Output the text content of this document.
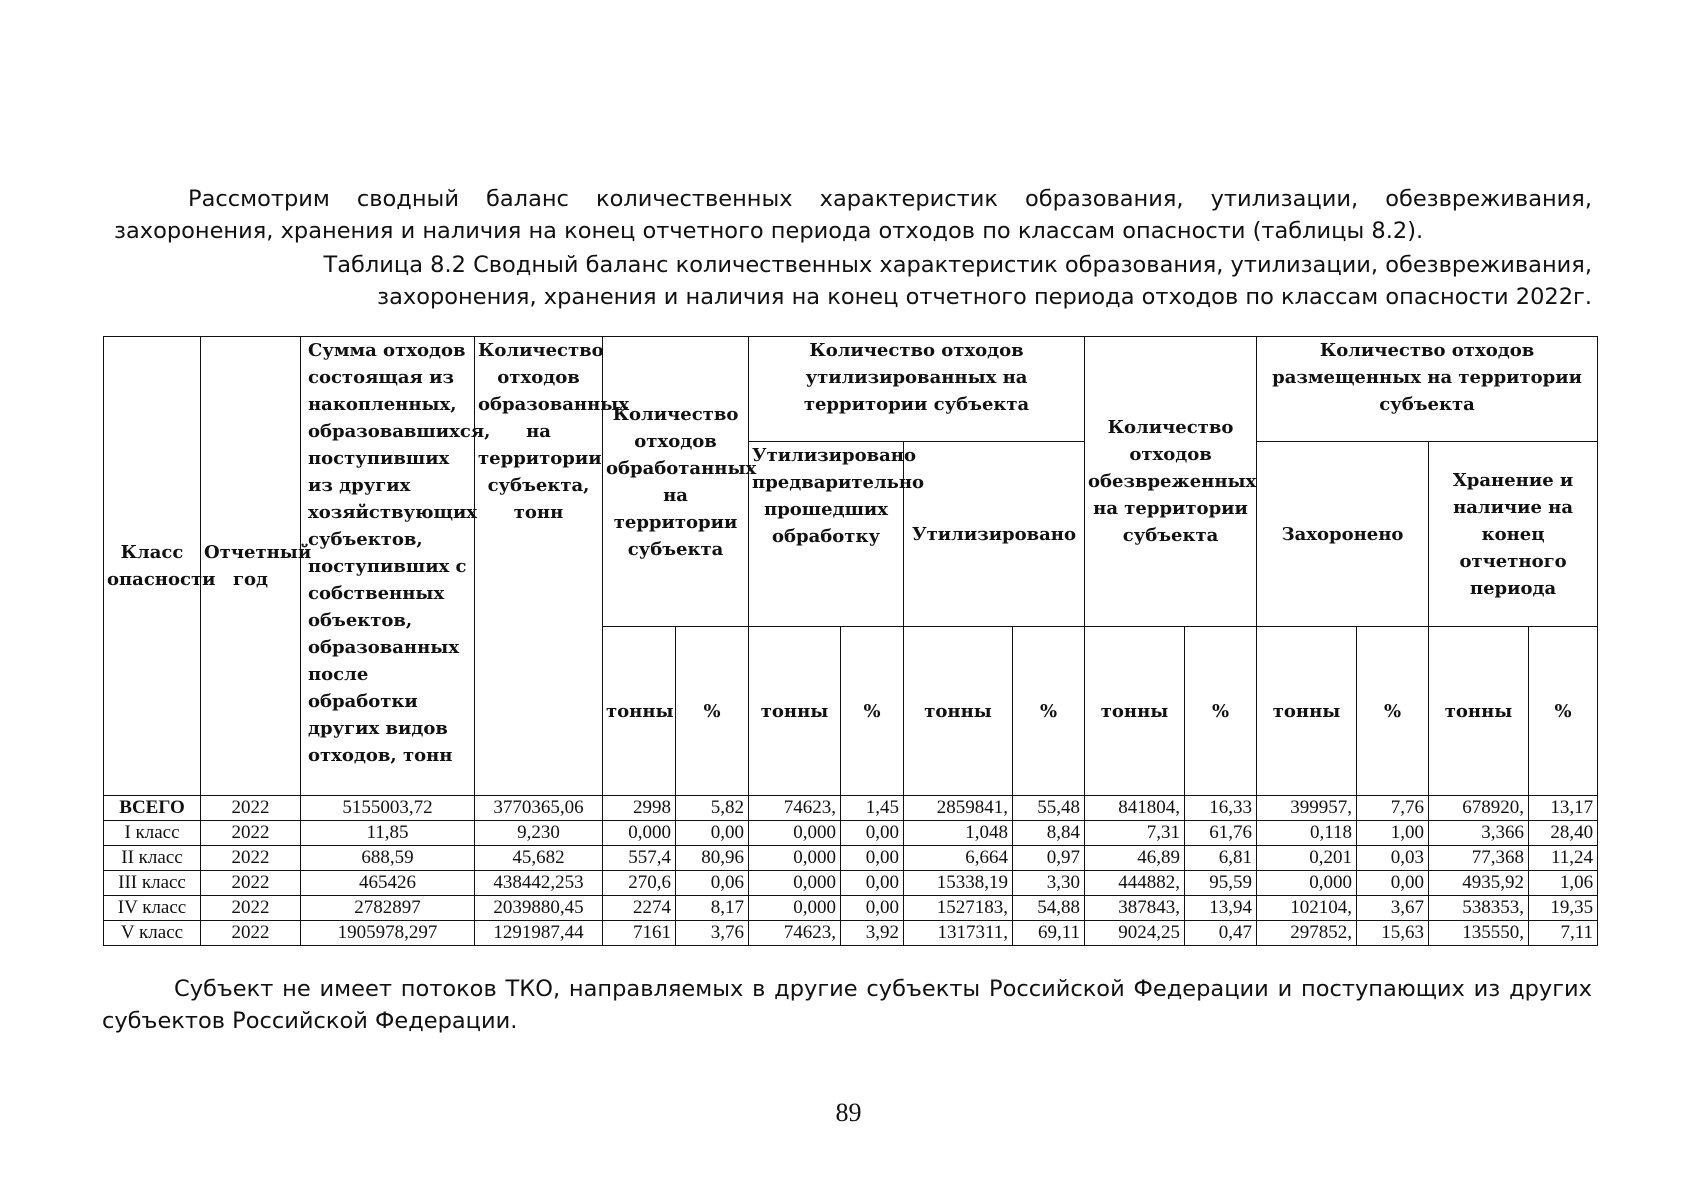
Рассмотрим сводный баланс количественных характеристик образования, утилизации, обезвреживания, захоронения, хранения и наличия на конец отчетного периода отходов по классам опасности (таблицы 8.2).

Таблица 8.2 Сводный баланс количественных характеристик образования, утилизации, обезвреживания,
захоронения, хранения и наличия на конец отчетного периода отходов по классам опасности 2022г.
Класс опасности	Отчетный год	Сумма отходов состоящая из накопленных, образовавшихся, поступивших из других хозяйствующих субъектов, поступивших с собственных объектов, образованных после обработки других видов отходов, тонн	Количество отходов образованных на территории субъекта, тонн	Количество отходов обработанных на территории субъекта		Количество отходов утилизированных на территории субъекта				Количество отходов обезвреженных на территории субъекта		Количество отходов размещенных на территории субъекта			
						Утилизировано предварительно прошедших обработку		Утилизировано				Захоронено		Хранение и наличие на конец отчетного периода	
				тонны	%	тонны	%	тонны	%	тонны	%	тонны	%	тонны	%
ВСЕГО	2022	5155003,72	3770365,06	2998	5,82	74623,	1,45	2859841,	55,48	841804,	16,33	399957,	7,76	678920,	13,17
I класс	2022	11,85	9,230	0,000	0,00	0,000	0,00	1,048	8,84	7,31	61,76	0,118	1,00	3,366	28,40
II класс	2022	688,59	45,682	557,4	80,96	0,000	0,00	6,664	0,97	46,89	6,81	0,201	0,03	77,368	11,24
III класс	2022	465426	438442,253	270,6	0,06	0,000	0,00	15338,19	3,30	444882,	95,59	0,000	0,00	4935,92	1,06
IV класс	2022	2782897	2039880,45	2274	8,17	0,000	0,00	1527183,	54,88	387843,	13,94	102104,	3,67	538353,	19,35
V класс	2022	1905978,297	1291987,44	7161	3,76	74623,	3,92	1317311,	69,11	9024,25	0,47	297852,	15,63	135550,	7,11

Субъект не имеет потоков ТКО, направляемых в другие субъекты Российской Федерации и поступающих из других субъектов Российской Федерации.

89
